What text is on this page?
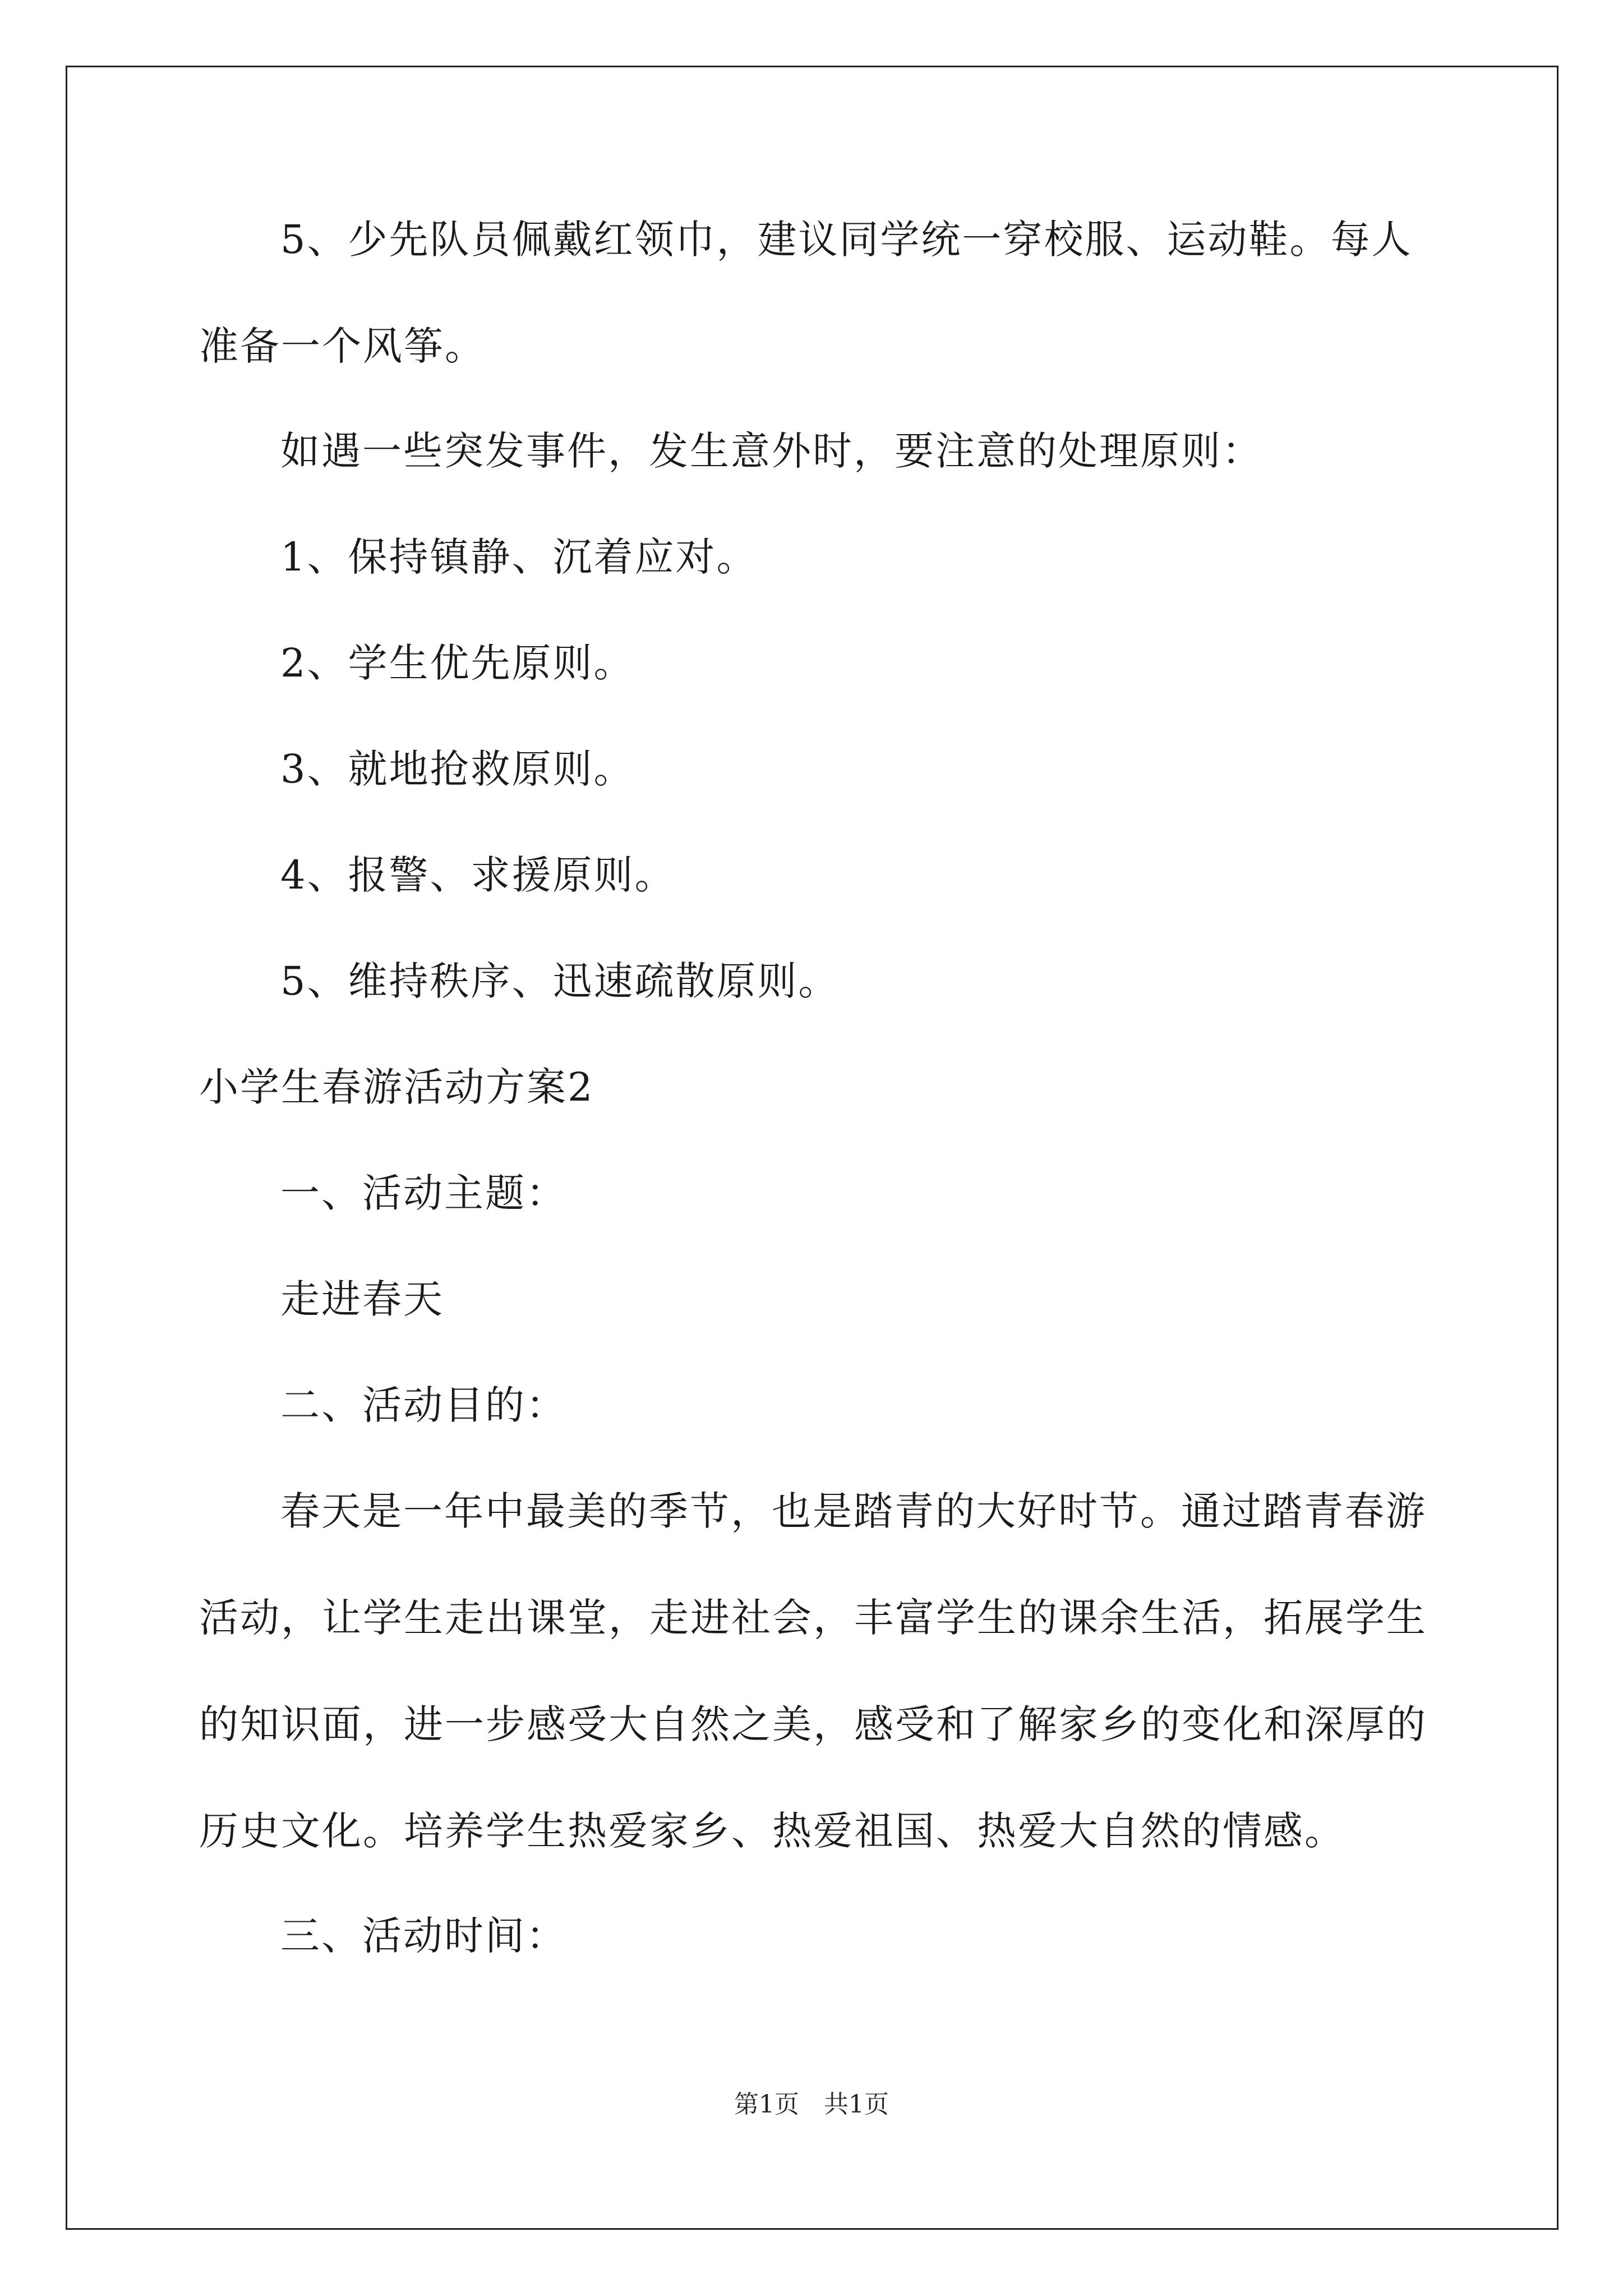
5、少先队员佩戴红领巾，建议同学统一穿校服、运动鞋。每人准备一个风筝。

如遇一些突发事件，发生意外时，要注意的处理原则：

1、保持镇静、沉着应对。

2、学生优先原则。

3、就地抢救原则。

4、报警、求援原则。

5、维持秩序、迅速疏散原则。

小学生春游活动方案2

一、活动主题：

走进春天

二、活动目的：

春天是一年中最美的季节，也是踏青的大好时节。通过踏青春游活动，让学生走出课堂，走进社会，丰富学生的课余生活，拓展学生的知识面，进一步感受大自然之美，感受和了解家乡的变化和深厚的历史文化。培养学生热爱家乡、热爱祖国、热爱大自然的情感。

三、活动时间：

第1页　共1页
